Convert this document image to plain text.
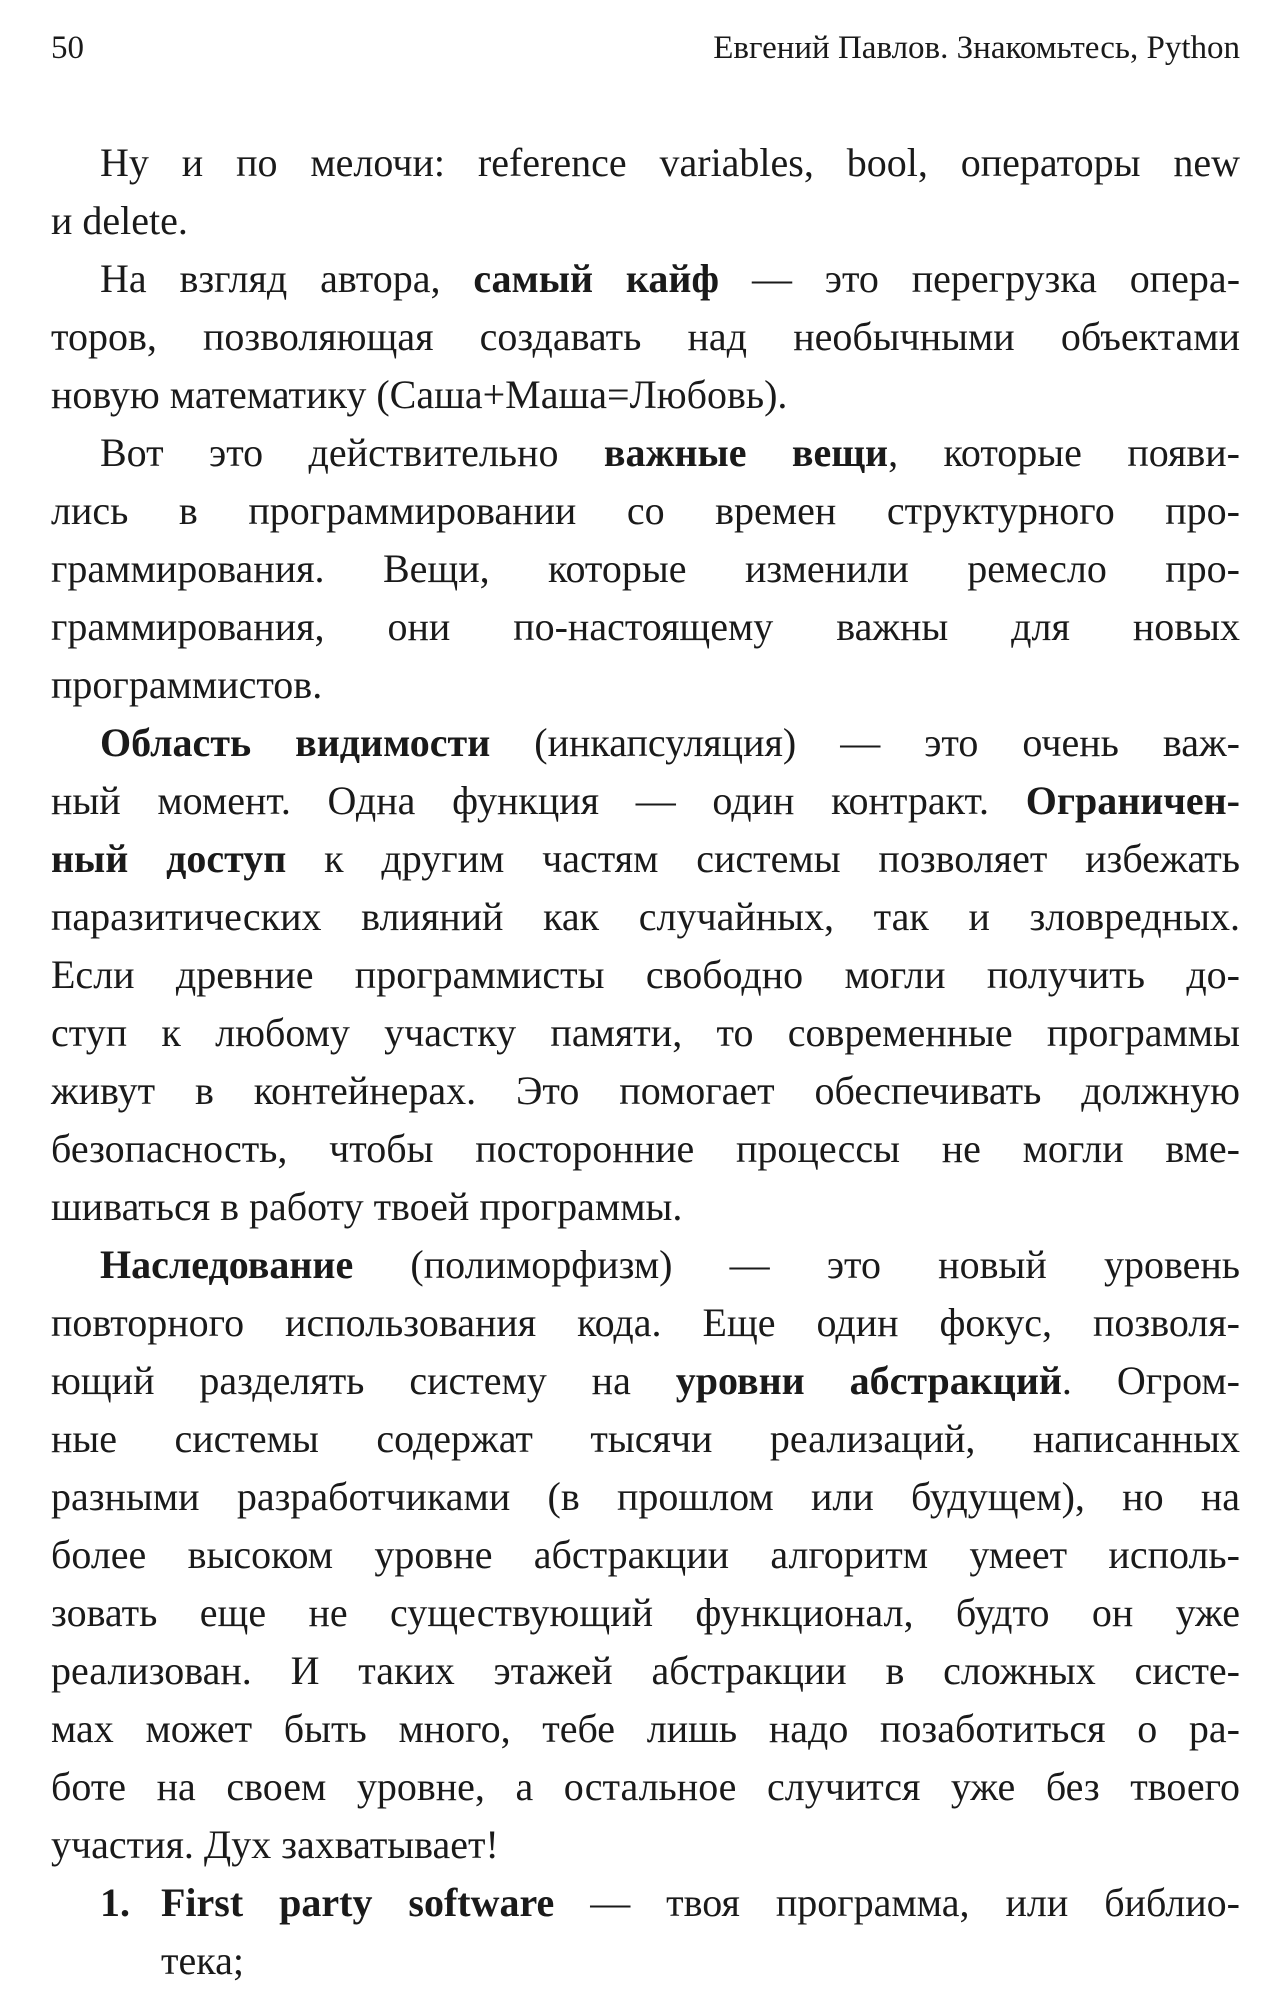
50	Евгений Павлов. Знакомьтесь, Python
Ну и по мелочи: reference variables, bool, операторы new
и delete.
На взгляд автора, самый кайф — это перегрузка опера-
торов, позволяющая создавать над необычными объектами
новую математику (Саша+Маша=Любовь).
Вот это действительно важные вещи, которые появи-
лись в программировании со времен структурного про-
граммирования. Вещи, которые изменили ремесло про-
граммирования, они по-настоящему важны для новых
программистов.
Область видимости (инкапсуляция) — это очень важ-
ный момент. Одна функция — один контракт. Ограничен-
ный доступ к другим частям системы позволяет избежать
паразитических влияний как случайных, так и зловредных.
Если древние программисты свободно могли получить до-
ступ к любому участку памяти, то современные программы
живут в контейнерах. Это помогает обеспечивать должную
безопасность, чтобы посторонние процессы не могли вме-
шиваться в работу твоей программы.
Наследование (полиморфизм) — это новый уровень
повторного использования кода. Еще один фокус, позволя-
ющий разделять систему на уровни абстракций. Огром-
ные системы содержат тысячи реализаций, написанных
разными разработчиками (в прошлом или будущем), но на
более высоком уровне абстракции алгоритм умеет исполь-
зовать еще не существующий функционал, будто он уже
реализован. И таких этажей абстракции в сложных систе-
мах может быть много, тебе лишь надо позаботиться о ра-
боте на своем уровне, а остальное случится уже без твоего
участия. Дух захватывает!
1. First party software — твоя программа, или библио-
тека;
